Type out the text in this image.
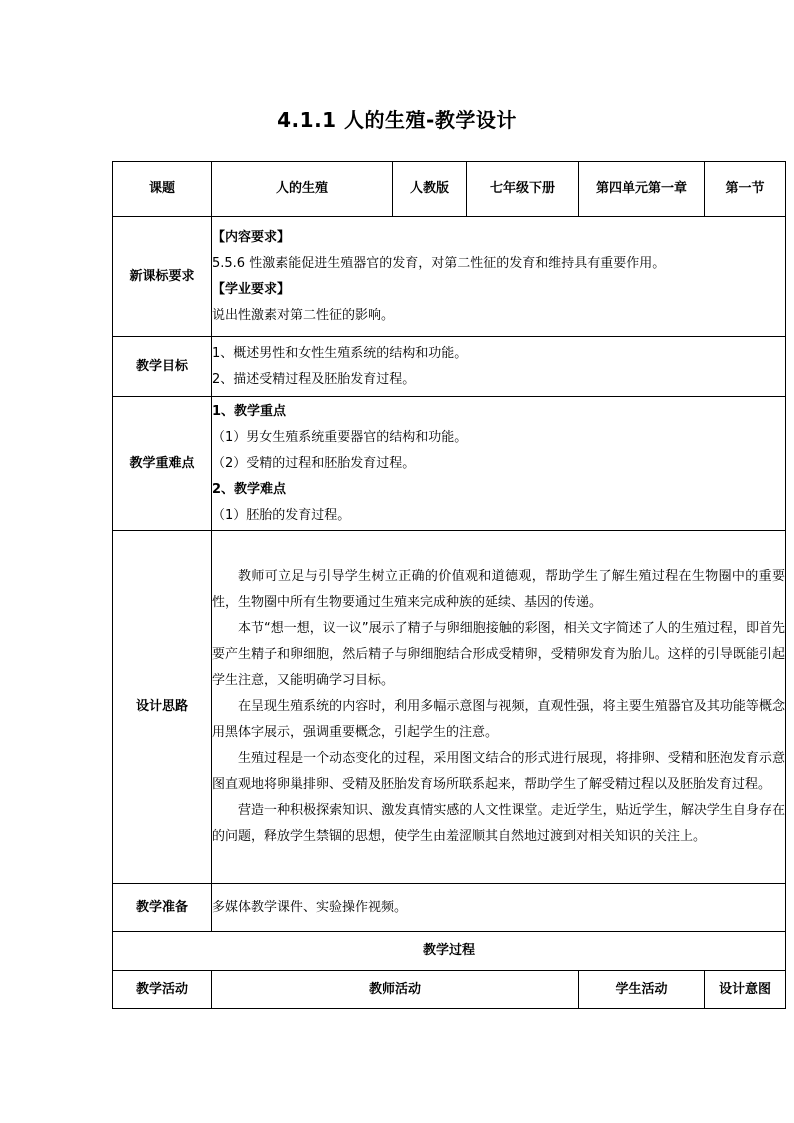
4.1.1 人的生殖-教学设计
课题	人的生殖	人教版	七年级下册	第四单元第一章	第一节
新课标要求	【内容要求】

5.5.6 性激素能促进生殖器官的发育，对第二性征的发育和维持具有重要作用。

【学业要求】

说出性激素对第二性征的影响。				

教学目标	1、概述男性和女性生殖系统的结构和功能。

2、描述受精过程及胚胎发育过程。				

教学重难点	1、教学重点

（1）男女生殖系统重要器官的结构和功能。

（2）受精的过程和胚胎发育过程。

2、教学难点

（1）胚胎的发育过程。				

设计思路	教师可立足与引导学生树立正确的价值观和道德观，帮助学生了解生殖过程在生物圈中的重要性，生物圈中所有生物要通过生殖来完成种族的延续、基因的传递。

本节“想一想，议一议”展示了精子与卵细胞接触的彩图，相关文字简述了人的生殖过程，即首先要产生精子和卵细胞，然后精子与卵细胞结合形成受精卵，受精卵发育为胎儿。这样的引导既能引起学生注意，又能明确学习目标。

在呈现生殖系统的内容时，利用多幅示意图与视频，直观性强，将主要生殖器官及其功能等概念用黑体字展示，强调重要概念，引起学生的注意。

生殖过程是一个动态变化的过程，采用图文结合的形式进行展现，将排卵、受精和胚泡发育示意图直观地将卵巢排卵、受精及胚胎发育场所联系起来，帮助学生了解受精过程以及胚胎发育过程。

营造一种积极探索知识、激发真情实感的人文性课堂。走近学生，贴近学生，解决学生自身存在的问题，释放学生禁锢的思想，使学生由羞涩顺其自然地过渡到对相关知识的关注上。				

教学准备	多媒体教学课件、实验操作视频。				
教学过程					
教学活动	教师活动			学生活动	设计意图
